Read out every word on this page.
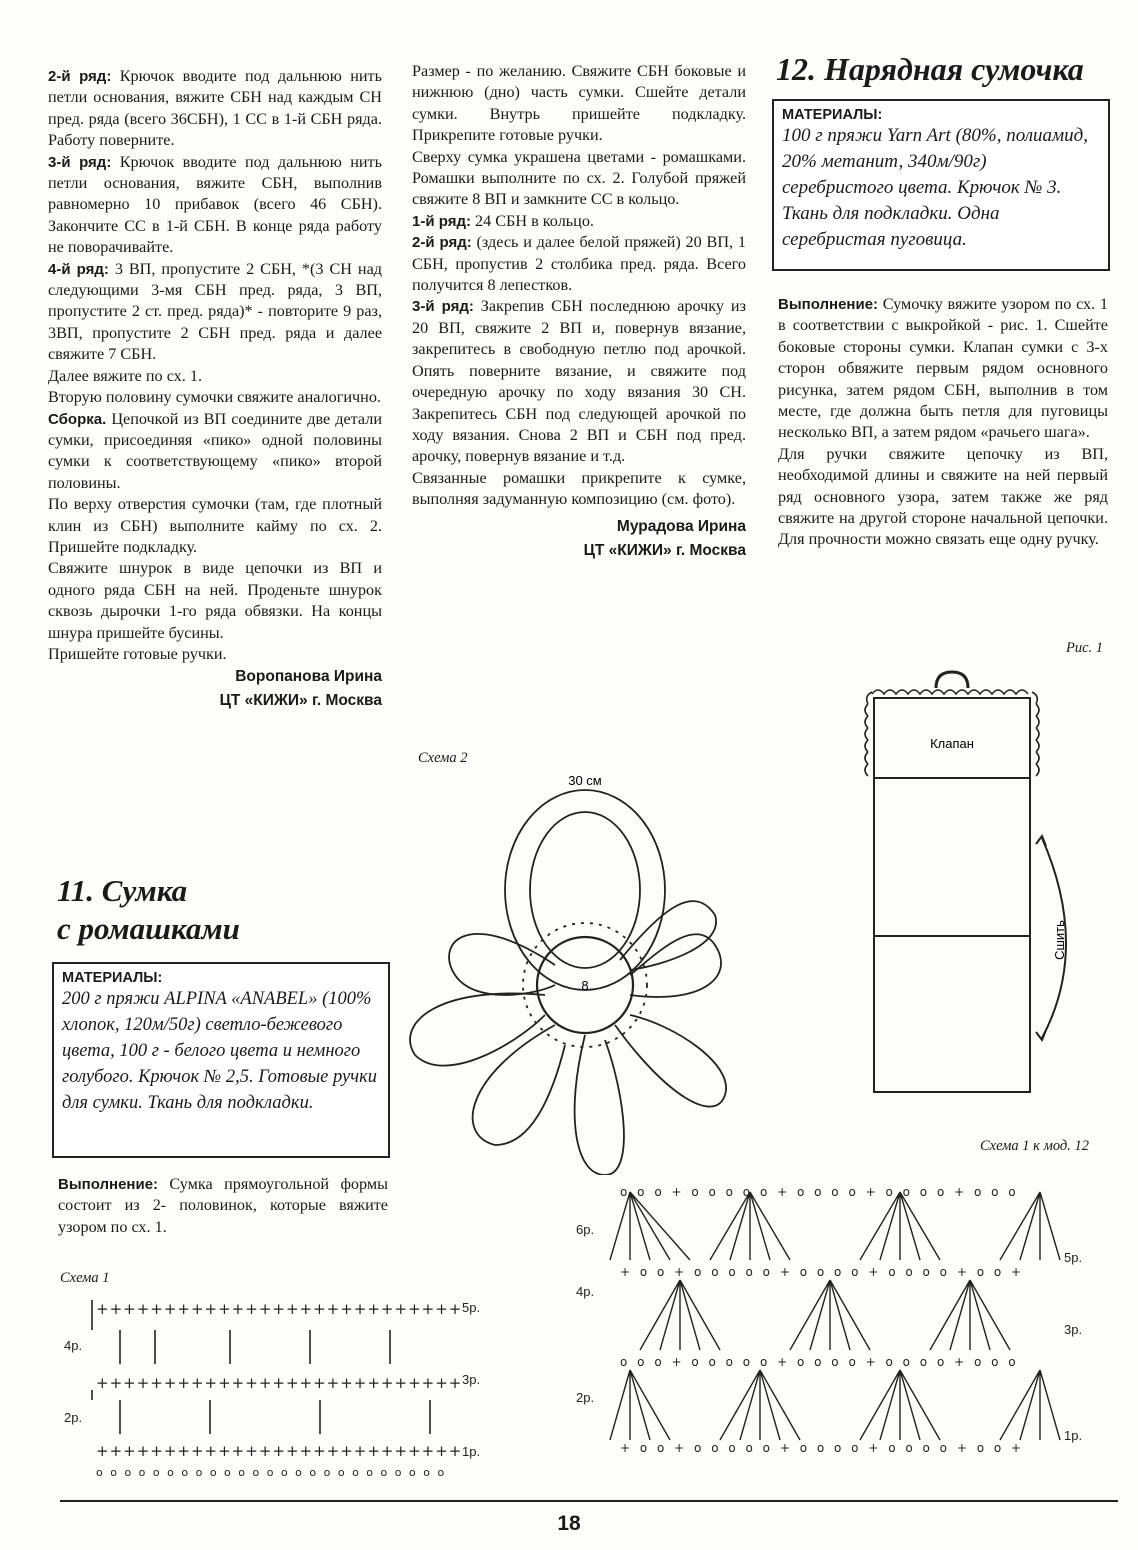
2-й ряд: Крючок вводите под дальнюю нить петли основания, вяжите СБН над каждым СН пред. ряда (всего 36СБН), 1 СС в 1-й СБН ряда. Работу поверните.

3-й ряд: Крючок вводите под дальнюю нить петли основания, вяжите СБН, выполнив равномерно 10 прибавок (всего 46 СБН). Закончите СС в 1-й СБН. В конце ряда работу не поворачивайте.

4-й ряд: 3 ВП, пропустите 2 СБН, *(3 СН над следующими 3-мя СБН пред. ряда, 3 ВП, пропустите 2 ст. пред. ряда)* - повторите 9 раз, 3ВП, пропустите 2 СБН пред. ряда и далее свяжите 7 СБН.

Далее вяжите по сх. 1.

Вторую половину сумочки свяжите аналогично.

Сборка. Цепочкой из ВП соедините две детали сумки, присоединяя «пико» одной половины сумки к соответствующему «пико» второй половины.

По верху отверстия сумочки (там, где плотный клин из СБН) выполните кайму по сх. 2. Пришейте подкладку.

Свяжите шнурок в виде цепочки из ВП и одного ряда СБН на ней. Проденьте шнурок сквозь дырочки 1-го ряда обвязки. На концы шнура пришейте бусины.

Пришейте готовые ручки.

Воропанова Ирина
ЦТ «КИЖИ» г. Москва

Размер - по желанию. Свяжите СБН боковые и нижнюю (дно) часть сумки. Сшейте детали сумки. Внутрь пришейте подкладку. Прикрепите готовые ручки.

Сверху сумка украшена цветами - ромашками. Ромашки выполните по сх. 2. Голубой пряжей свяжите 8 ВП и замкните СС в кольцо.

1-й ряд: 24 СБН в кольцо.

2-й ряд: (здесь и далее белой пряжей) 20 ВП, 1 СБН, пропустив 2 столбика пред. ряда. Всего получится 8 лепестков.

3-й ряд: Закрепив СБН последнюю арочку из 20 ВП, свяжите 2 ВП и, повернув вязание, закрепитесь в свободную петлю под арочкой. Опять поверните вязание, и свяжите под очередную арочку по ходу вязания 30 СН. Закрепитесь СБН под следующей арочкой по ходу вязания. Снова 2 ВП и СБН под пред. арочку, повернув вязание и т.д.

Связанные ромашки прикрепите к сумке, выполняя задуманную композицию (см. фото).

Мурадова Ирина
ЦТ «КИЖИ» г. Москва
12. Нарядная сумочка
МАТЕРИАЛЫ:
100 г пряжи Yarn Art (80%, полиамид, 20% метанит, 340м/90г) серебристого цвета. Крючок № 3. Ткань для подкладки. Одна серебристая пуговица.

Выполнение: Сумочку вяжите узором по сх. 1 в соответствии с выкройкой - рис. 1. Сшейте боковые стороны сумки. Клапан сумки с 3-х сторон обвяжите первым рядом основного рисунка, затем рядом СБН, выполнив в том месте, где должна быть петля для пуговицы несколько ВП, а затем рядом «рачьего шага».

Для ручки свяжите цепочку из ВП, необходимой длины и свяжите на ней первый ряд основного узора, затем также же ряд свяжите на другой стороне начальной цепочки. Для прочности можно связать еще одну ручку.

11. Сумка
с ромашками
МАТЕРИАЛЫ:
200 г пряжи ALPINA «ANABEL» (100% хлопок, 120м/50г) светло-бежевого цвета, 100 г - белого цвета и немного голубого. Крючок № 2,5. Готовые ручки для сумки. Ткань для подкладки.

Выполнение: Сумка прямоугольной формы состоит из 2- половинок, которые вяжите узором по сх. 1.

Рис. 1
Схема 2
Схема 1
Схема 1 к мод. 12
Клапан
Сшить
30 см
8
+++++++++++++++++++++++++++
+++++++++++++++++++++++++++
+++++++++++++++++++++++++++
o o o o o o o o o o o o o o o o o o o o o o o o o
5р.
4р.
3р.
2р.
1р.
o o o + o o o o o + o o o o + o o o o + o o o
+ o o + o o o o o + o o o o + o o o o + o o +
o o o + o o o o o + o o o o + o o o o + o o o
+ o o + o o o o o + o o o o + o o o o + o o +
6р.
4р.
2р.
5р.
3р.
1р.
18
